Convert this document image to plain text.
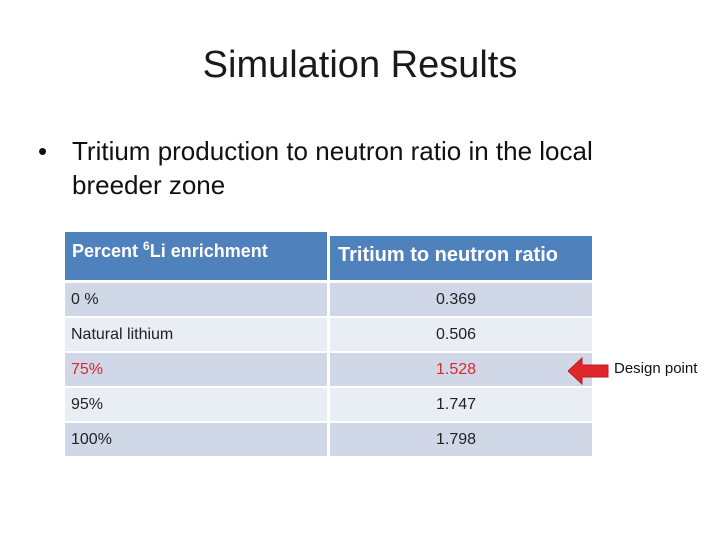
Simulation Results
• Tritium production to neutron ratio in the local breeder zone
Percent $^6$Li enrichment	Tritium to neutron ratio
0 %	0.369
Natural lithium	0.506
75%	1.528
95%	1.747
100%	1.798
Design point
